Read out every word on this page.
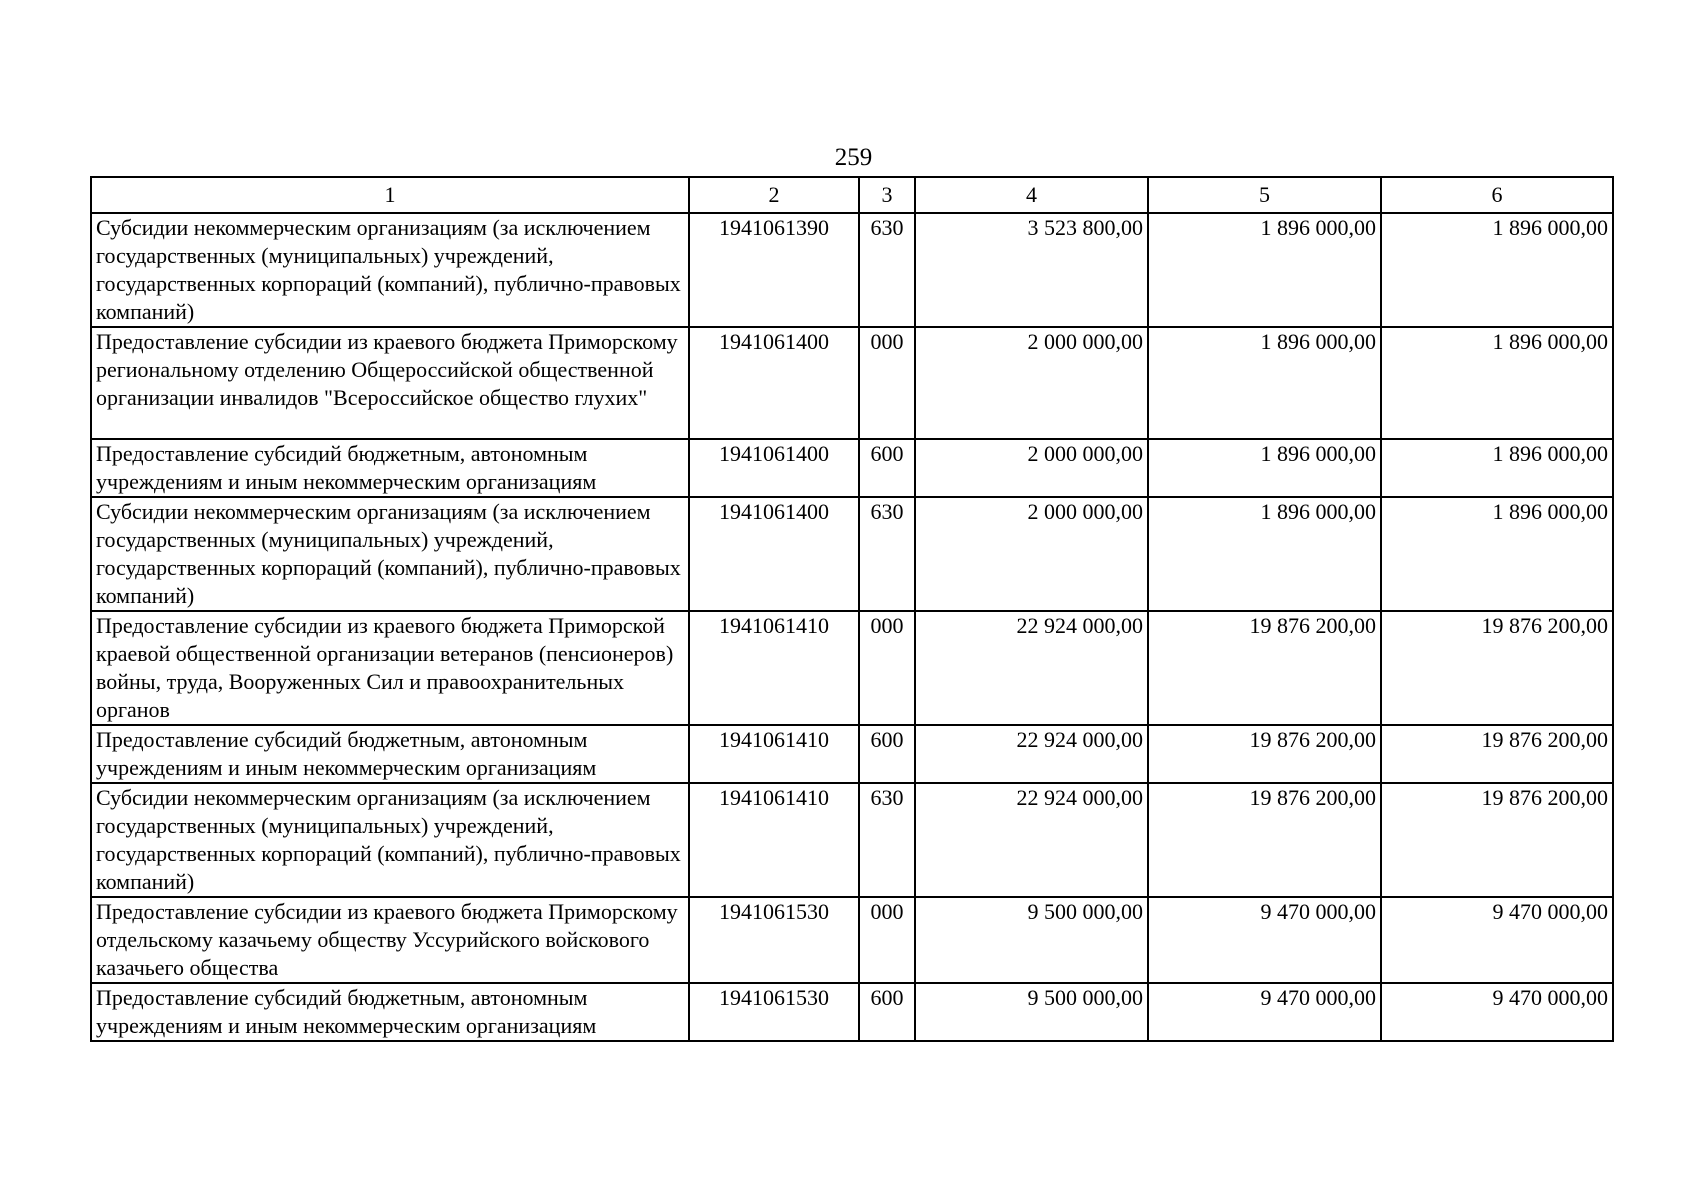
259
1	2	3	4	5	6
Субсидии некоммерческим организациям (за исключением государственных (муниципальных) учреждений, государственных корпораций (компаний), публично-правовых компаний)	1941061390	630	3 523 800,00	1 896 000,00	1 896 000,00
Предоставление субсидии из краевого бюджета Приморскому региональному отделению Общероссийской общественной организации инвалидов "Всероссийское общество глухих"	1941061400	000	2 000 000,00	1 896 000,00	1 896 000,00
Предоставление субсидий бюджетным, автономным учреждениям и иным некоммерческим организациям	1941061400	600	2 000 000,00	1 896 000,00	1 896 000,00
Субсидии некоммерческим организациям (за исключением государственных (муниципальных) учреждений, государственных корпораций (компаний), публично-правовых компаний)	1941061400	630	2 000 000,00	1 896 000,00	1 896 000,00
Предоставление субсидии из краевого бюджета Приморской краевой общественной организации ветеранов (пенсионеров) войны, труда, Вооруженных Сил и правоохранительных органов	1941061410	000	22 924 000,00	19 876 200,00	19 876 200,00
Предоставление субсидий бюджетным, автономным учреждениям и иным некоммерческим организациям	1941061410	600	22 924 000,00	19 876 200,00	19 876 200,00
Субсидии некоммерческим организациям (за исключением государственных (муниципальных) учреждений, государственных корпораций (компаний), публично-правовых компаний)	1941061410	630	22 924 000,00	19 876 200,00	19 876 200,00
Предоставление субсидии из краевого бюджета Приморскому отдельскому казачьему обществу Уссурийского войскового казачьего общества	1941061530	000	9 500 000,00	9 470 000,00	9 470 000,00
Предоставление субсидий бюджетным, автономным учреждениям и иным некоммерческим организациям	1941061530	600	9 500 000,00	9 470 000,00	9 470 000,00
